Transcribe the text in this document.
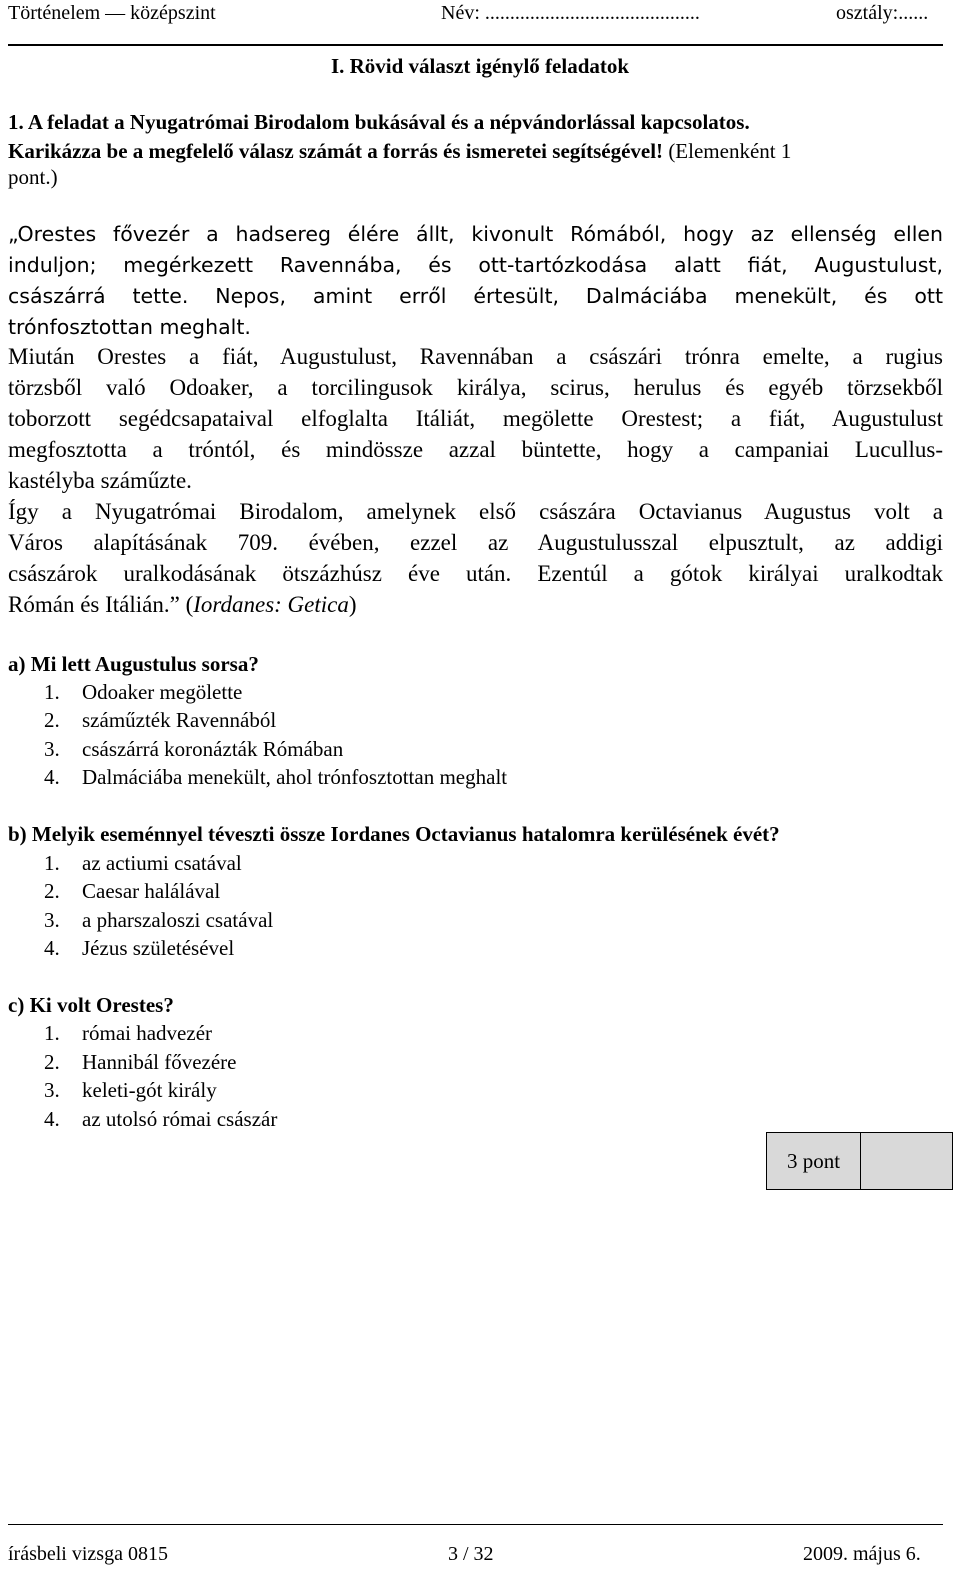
Történelem — középszint	Név: ...........................................	osztály:......
I. Rövid választ igénylő feladatok
1. A feladat a Nyugatrómai Birodalom bukásával és a népvándorlással kapcsolatos.
Karikázza be a megfelelő válasz számát a forrás és ismeretei segítségével! (Elemenként 1
pont.)
„Orestes fővezér a hadsereg élére állt, kivonult Rómából, hogy az ellenség ellen
induljon; megérkezett Ravennába, és ott-tartózkodása alatt fiát, Augustulust,
császárrá tette. Nepos, amint erről értesült, Dalmáciába menekült, és ott
trónfosztottan meghalt.
Miután Orestes a fiát, Augustulust, Ravennában a császári trónra emelte, a rugius
törzsből való Odoaker, a torcilingusok királya, scirus, herulus és egyéb törzsekből
toborzott segédcsapataival elfoglalta Itáliát, megölette Orestest; a fiát, Augustulust
megfosztotta a tróntól, és mindössze azzal büntette, hogy a campaniai Lucullus-
kastélyba száműzte.
Így a Nyugatrómai Birodalom, amelynek első császára Octavianus Augustus volt a
Város alapításának 709. évében, ezzel az Augustulusszal elpusztult, az addigi
császárok uralkodásának ötszázhúsz éve után. Ezentúl a gótok királyai uralkodtak
Rómán és Itálián.” (Iordanes: Getica)
a) Mi lett Augustulus sorsa?
1. Odoaker megölette
2. száműzték Ravennából
3. császárrá koronázták Rómában
4. Dalmáciába menekült, ahol trónfosztottan meghalt
b) Melyik eseménnyel téveszti össze Iordanes Octavianus hatalomra kerülésének évét?
1. az actiumi csatával
2. Caesar halálával
3. a pharszaloszi csatával
4. Jézus születésével
c) Ki volt Orestes?
1. római hadvezér
2. Hannibál fővezére
3. keleti-gót király
4. az utolsó római császár
3 pont
írásbeli vizsga 0815	3 / 32	2009. május 6.
